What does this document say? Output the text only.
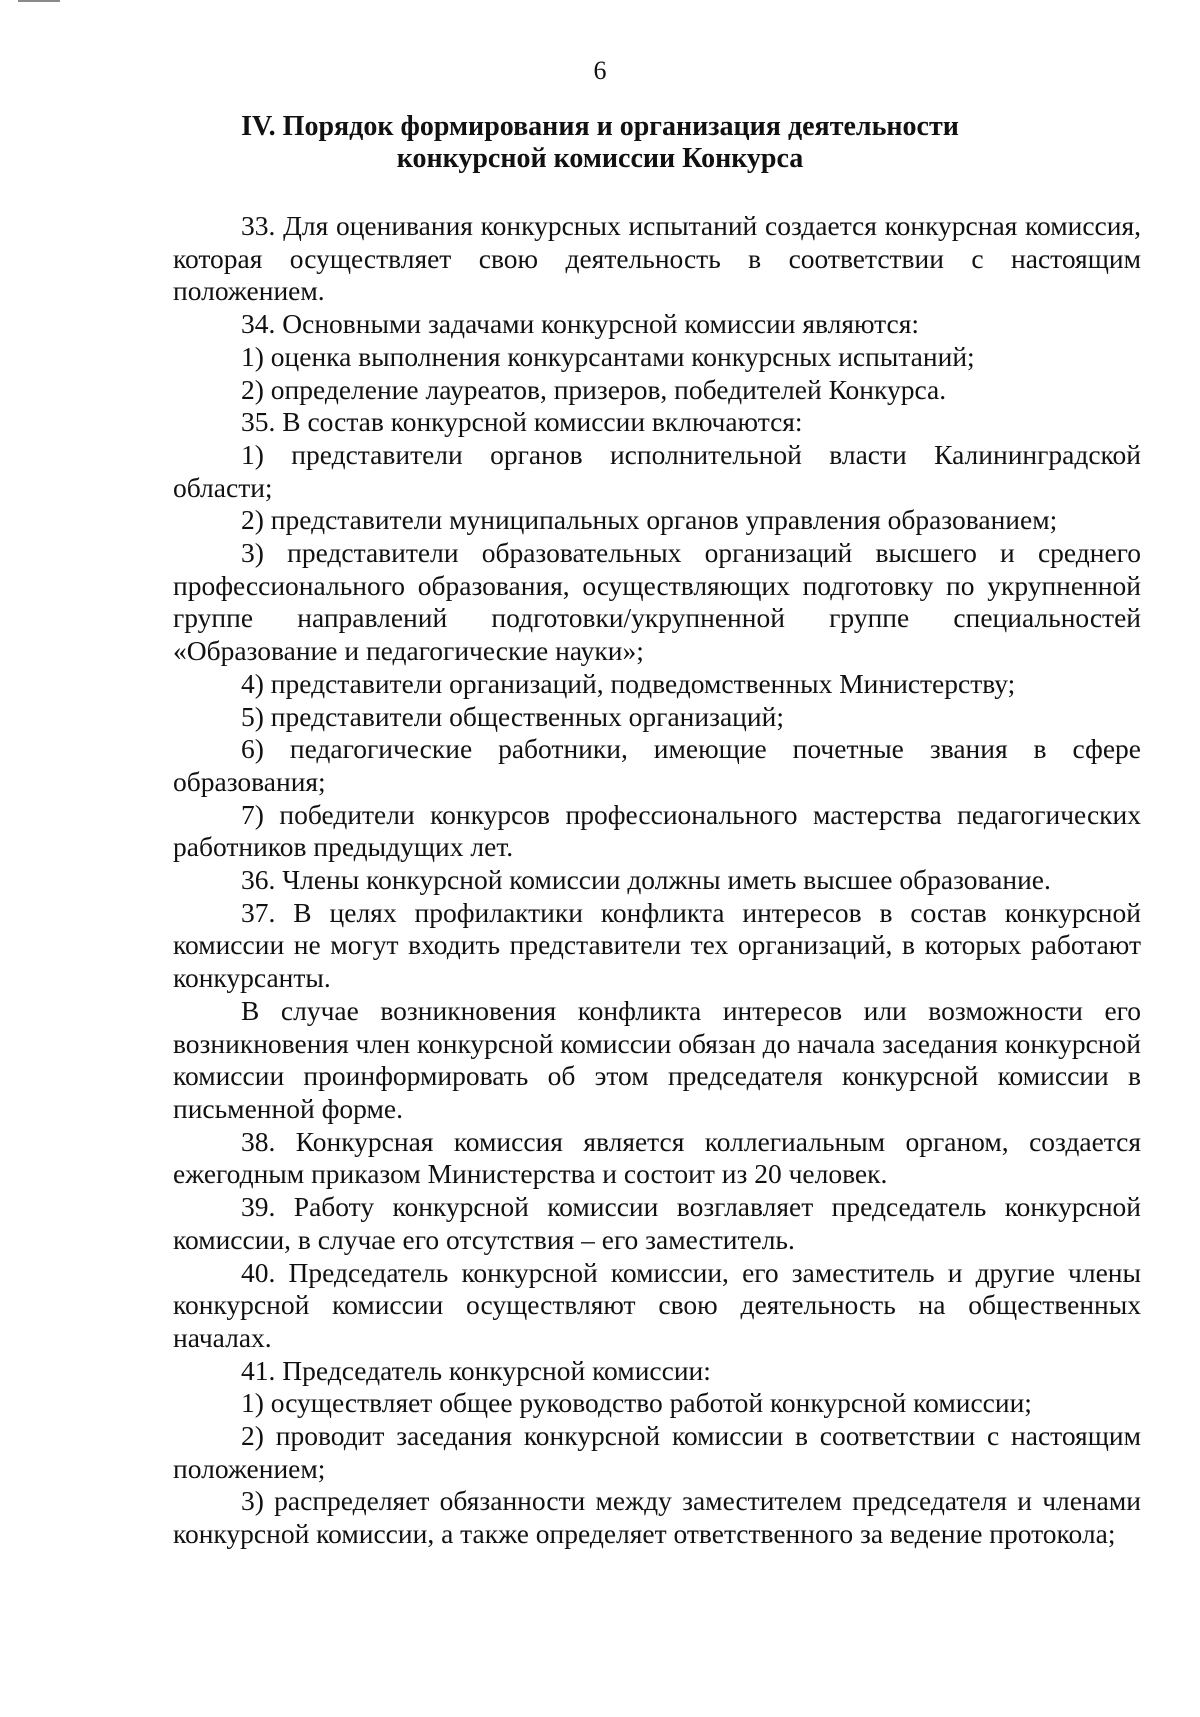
6
IV. Порядок формирования и организация деятельности
конкурсной комиссии Конкурса

33. Для оценивания конкурсных испытаний создается конкурсная комиссия, которая осуществляет свою деятельность в соответствии с настоящим положением.

34. Основными задачами конкурсной комиссии являются:

1) оценка выполнения конкурсантами конкурсных испытаний;

2) определение лауреатов, призеров, победителей Конкурса.

35. В состав конкурсной комиссии включаются:

1) представители органов исполнительной власти Калининградской области;

2) представители муниципальных органов управления образованием;

3) представители образовательных организаций высшего и среднего профессионального образования, осуществляющих подготовку по укрупненной группе направлений подготовки/укрупненной группе специальностей «Образование и педагогические науки»;

4) представители организаций, подведомственных Министерству;

5) представители общественных организаций;

6) педагогические работники, имеющие почетные звания в сфере образования;

7) победители конкурсов профессионального мастерства педагогических работников предыдущих лет.

36. Члены конкурсной комиссии должны иметь высшее образование.

37. В целях профилактики конфликта интересов в состав конкурсной комиссии не могут входить представители тех организаций, в которых работают конкурсанты.

В случае возникновения конфликта интересов или возможности его возникновения член конкурсной комиссии обязан до начала заседания конкурсной комиссии проинформировать об этом председателя конкурсной комиссии в письменной форме.

38. Конкурсная комиссия является коллегиальным органом, создается ежегодным приказом Министерства и состоит из 20 человек.

39. Работу конкурсной комиссии возглавляет председатель конкурсной комиссии, в случае его отсутствия – его заместитель.

40. Председатель конкурсной комиссии, его заместитель и другие члены конкурсной комиссии осуществляют свою деятельность на общественных началах.

41. Председатель конкурсной комиссии:

1) осуществляет общее руководство работой конкурсной комиссии;

2) проводит заседания конкурсной комиссии в соответствии с настоящим положением;

3) распределяет обязанности между заместителем председателя и членами конкурсной комиссии, а также определяет ответственного за ведение протокола;
